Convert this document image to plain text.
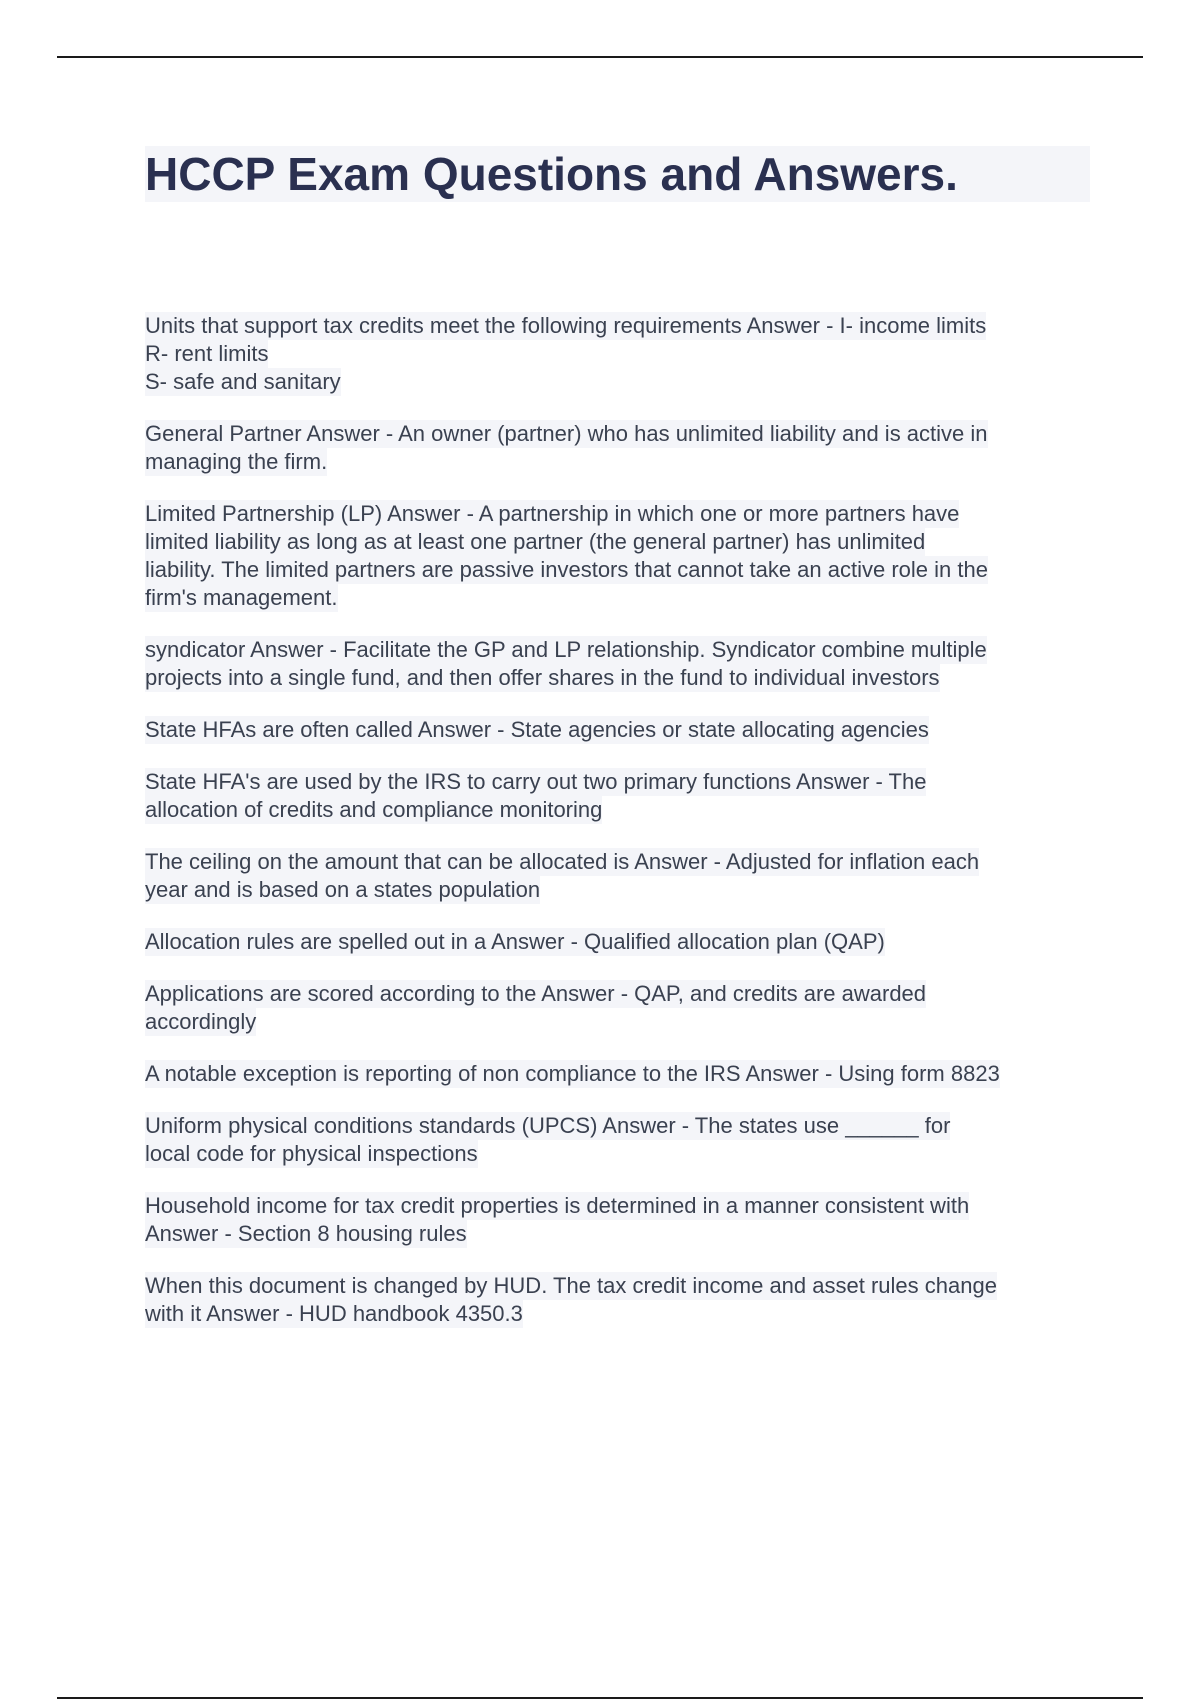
HCCP Exam Questions and Answers.
Units that support tax credits meet the following requirements Answer - I- income limits
R- rent limits
S- safe and sanitary
General Partner Answer - An owner (partner) who has unlimited liability and is active in
managing the firm.
Limited Partnership (LP) Answer - A partnership in which one or more partners have
limited liability as long as at least one partner (the general partner) has unlimited
liability. The limited partners are passive investors that cannot take an active role in the
firm's management.
syndicator Answer - Facilitate the GP and LP relationship. Syndicator combine multiple
projects into a single fund, and then offer shares in the fund to individual investors
State HFAs are often called Answer - State agencies or state allocating agencies
State HFA's are used by the IRS to carry out two primary functions Answer - The
allocation of credits and compliance monitoring
The ceiling on the amount that can be allocated is Answer - Adjusted for inflation each
year and is based on a states population
Allocation rules are spelled out in a Answer - Qualified allocation plan (QAP)
Applications are scored according to the Answer - QAP, and credits are awarded
accordingly
A notable exception is reporting of non compliance to the IRS Answer - Using form 8823
Uniform physical conditions standards (UPCS) Answer - The states use ______ for
local code for physical inspections
Household income for tax credit properties is determined in a manner consistent with
Answer - Section 8 housing rules
When this document is changed by HUD. The tax credit income and asset rules change
with it Answer - HUD handbook 4350.3
